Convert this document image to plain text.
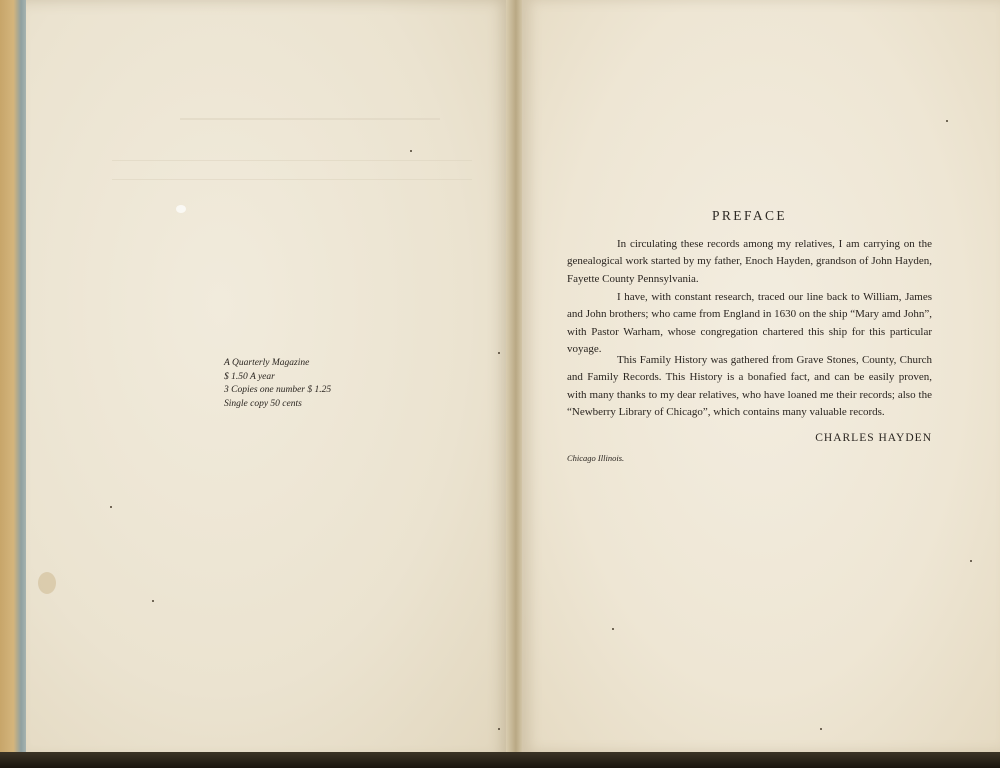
A Quarterly Magazine
$ 1.50 A year
3 Copies one number $ 1.25
Single copy 50 cents
PREFACE

In circulating these records among my relatives, I am carrying on the genealogical work started by my father, Enoch Hayden, grandson of John Hayden, Fayette County Pennsylvania.

I have, with constant research, traced our line back to William, James and John brothers; who came from England in 1630 on the ship “Mary amd John”, with Pastor Warham, whose congregation chartered this ship for this particular voyage.

This Family History was gathered from Grave Stones, County, Church and Family Records. This History is a bonafied fact, and can be easily proven, with many thanks to my dear relatives, who have loaned me their records; also the “Newberry Library of Chicago”, which contains many valuable records.

CHARLES HAYDEN
Chicago Illinois.
